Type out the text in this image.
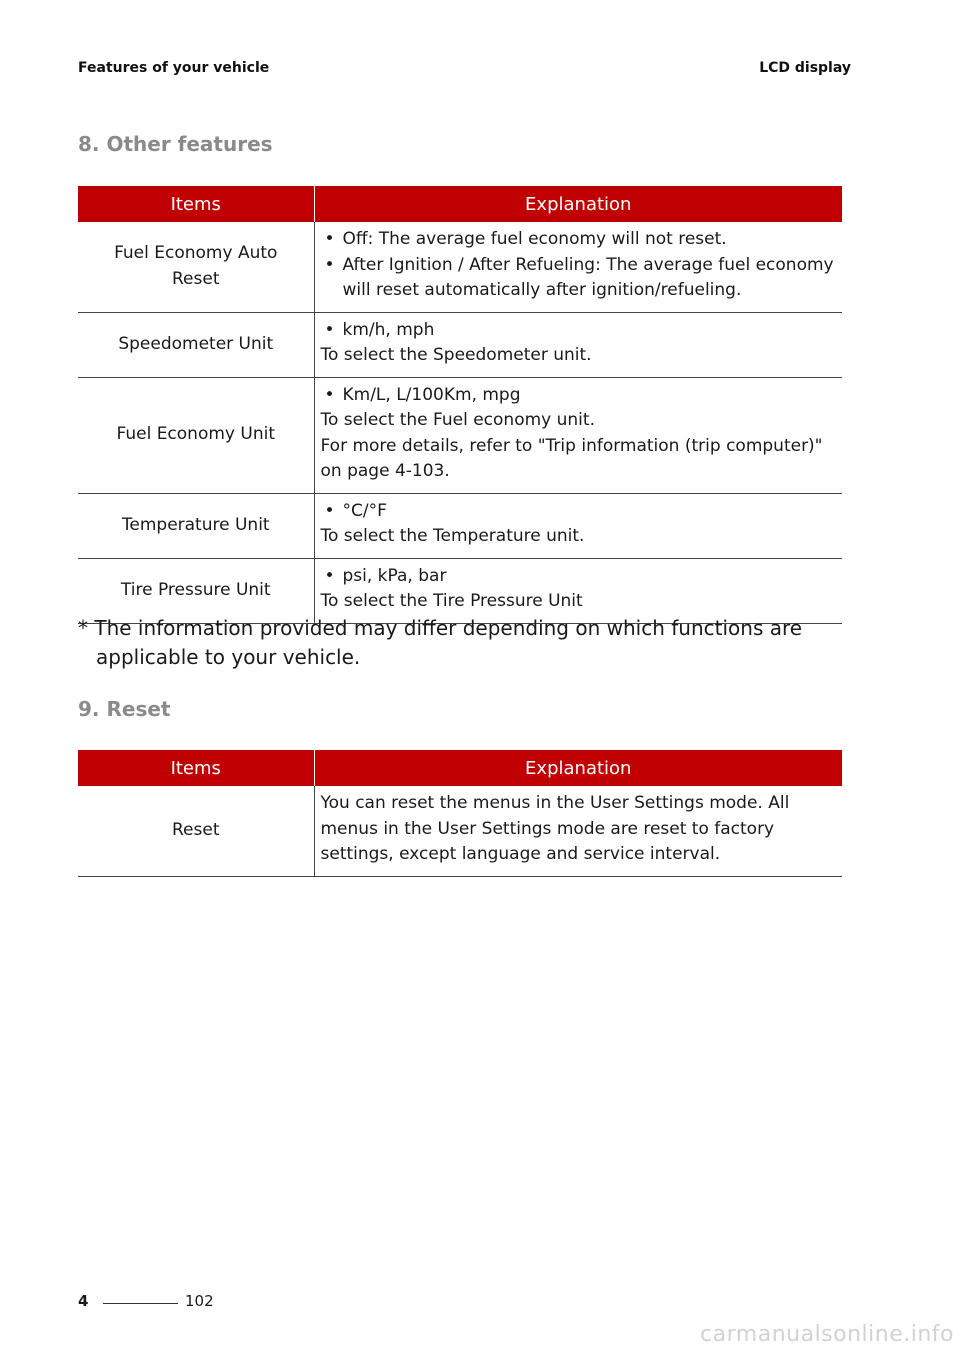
Features of your vehicle	LCD display
8. Other features
Items	Explanation
Fuel Economy Auto Reset	• Off: The average fuel economy will not reset.
• After Ignition / After Refueling: The average fuel economy will reset automatically after ignition/refueling.

Speedometer Unit	• km/h, mph
To select the Speedometer unit.

Fuel Economy Unit	• Km/L, L/100Km, mpg
To select the Fuel economy unit.
For more details, refer to "Trip information (trip computer)" on page 4-103.

Temperature Unit	• °C/°F
To select the Temperature unit.

Tire Pressure Unit	• psi, kPa, bar
To select the Tire Pressure Unit
* The information provided may differ depending on which functions are applicable to your vehicle.
9. Reset
Items	Explanation
Reset	You can reset the menus in the User Settings mode. All menus in the User Settings mode are reset to factory settings, except language and service interval.
4	102
carmanualsonline.info
